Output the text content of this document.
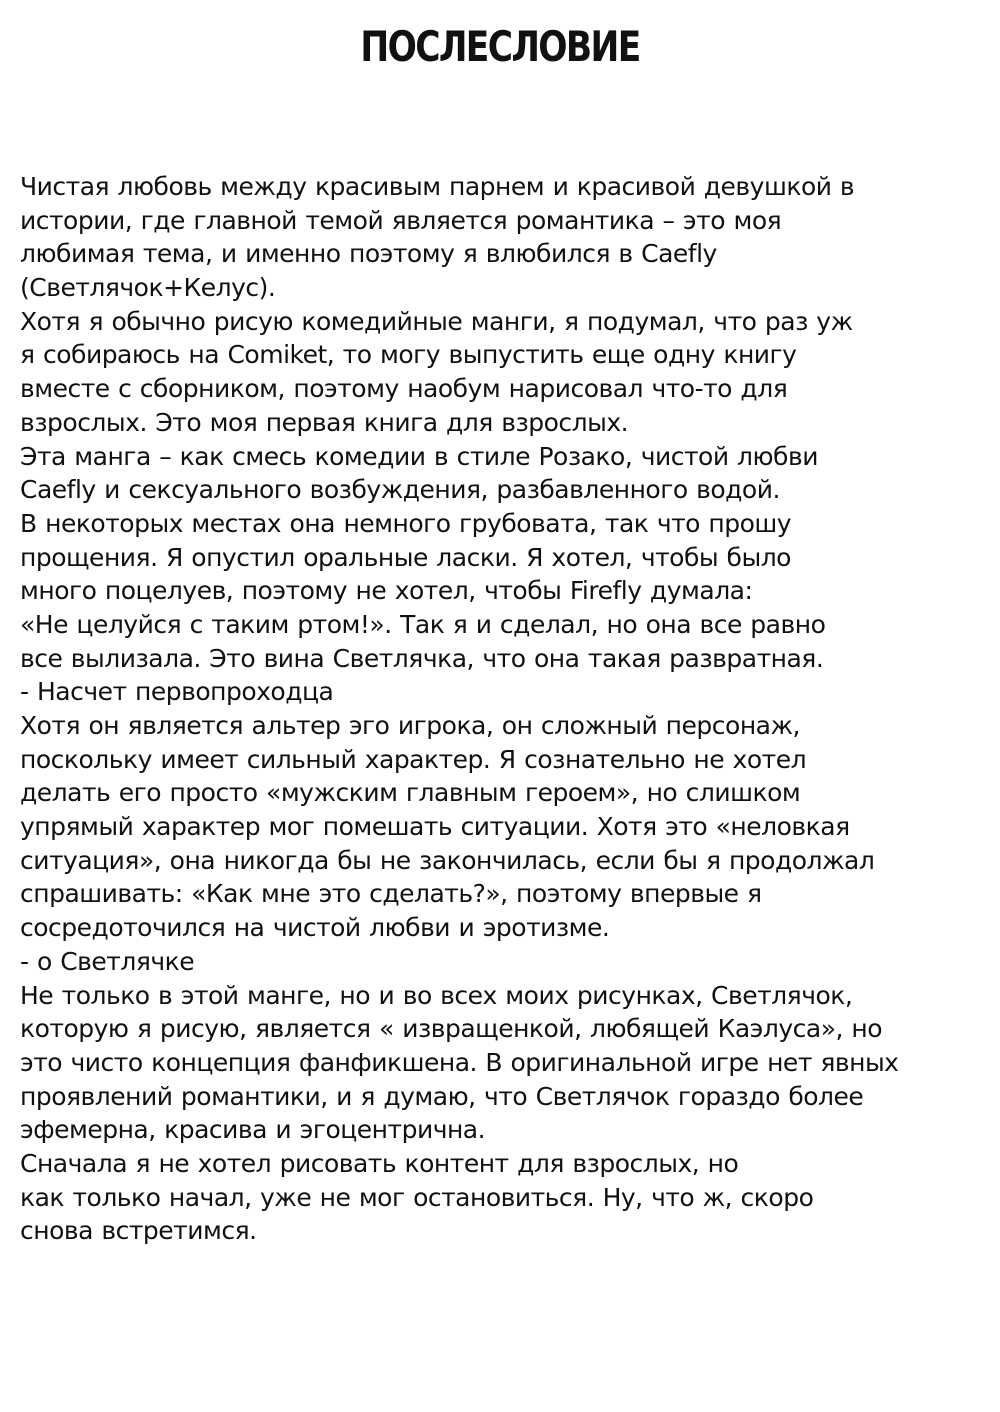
ПОСЛЕСЛОВИЕ
Чистая любовь между красивым парнем и красивой девушкой в
истории, где главной темой является романтика – это моя
любимая тема, и именно поэтому я влюбился в Caefly
(Светлячок+Келус).
Хотя я обычно рисую комедийные манги, я подумал, что раз уж
я собираюсь на Comiket, то могу выпустить еще одну книгу
вместе с сборником, поэтому наобум нарисовал что-то для
взрослых. Это моя первая книга для взрослых.
Эта манга – как смесь комедии в стиле Розако, чистой любви
Caefly и сексуального возбуждения, разбавленного водой.
В некоторых местах она немного грубовата, так что прошу
прощения. Я опустил оральные ласки. Я хотел, чтобы было
много поцелуев, поэтому не хотел, чтобы Firefly думала:
«Не целуйся с таким ртом!». Так я и сделал, но она все равно
все вылизала. Это вина Светлячка, что она такая развратная.
- Насчет первопроходца
Хотя он является альтер эго игрока, он сложный персонаж,
поскольку имеет сильный характер. Я сознательно не хотел
делать его просто «мужским главным героем», но слишком
упрямый характер мог помешать ситуации. Хотя это «неловкая
ситуация», она никогда бы не закончилась, если бы я продолжал
спрашивать: «Как мне это сделать?», поэтому впервые я
сосредоточился на чистой любви и эротизме.
- о Светлячке
Не только в этой манге, но и во всех моих рисунках, Светлячок,
которую я рисую, является « извращенкой, любящей Каэлуса», но
это чисто концепция фанфикшена. В оригинальной игре нет явных
проявлений романтики, и я думаю, что Светлячок гораздо более
эфемерна, красива и эгоцентрична.
Сначала я не хотел рисовать контент для взрослых, но
как только начал, уже не мог остановиться. Ну, что ж, скоро
снова встретимся.
